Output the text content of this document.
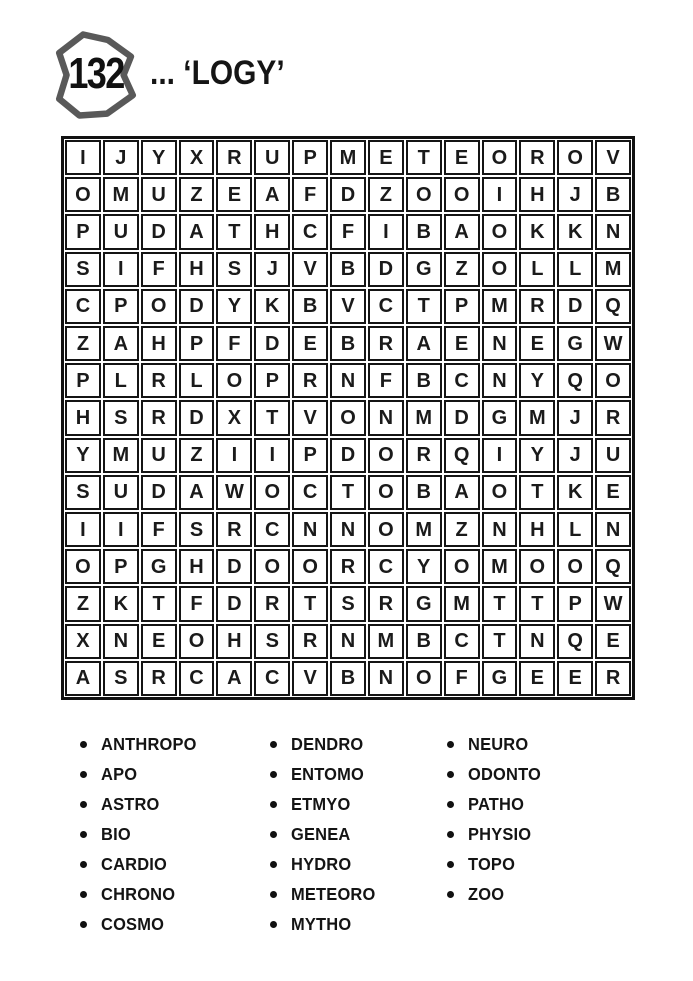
132 ... ‘LOGY’
I	J	Y	X	R	U	P	M	E	T	E	O	R	O	V
O	M	U	Z	E	A	F	D	Z	O	O	I	H	J	B
P	U	D	A	T	H	C	F	I	B	A	O	K	K	N
S	I	F	H	S	J	V	B	D	G	Z	O	L	L	M
C	P	O	D	Y	K	B	V	C	T	P	M	R	D	Q
Z	A	H	P	F	D	E	B	R	A	E	N	E	G	W
P	L	R	L	O	P	R	N	F	B	C	N	Y	Q	O
H	S	R	D	X	T	V	O	N	M	D	G	M	J	R
Y	M	U	Z	I	I	P	D	O	R	Q	I	Y	J	U
S	U	D	A	W	O	C	T	O	B	A	O	T	K	E
I	I	F	S	R	C	N	N	O	M	Z	N	H	L	N
O	P	G	H	D	O	O	R	C	Y	O	M	O	O	Q
Z	K	T	F	D	R	T	S	R	G	M	T	T	P	W
X	N	E	O	H	S	R	N	M	B	C	T	N	Q	E
A	S	R	C	A	C	V	B	N	O	F	G	E	E	R
ANTHROPO
APO
ASTRO
BIO
CARDIO
CHRONO
COSMO
DENDRO
ENTOMO
ETMYO
GENEA
HYDRO
METEORO
MYTHO
NEURO
ODONTO
PATHO
PHYSIO
TOPO
ZOO
